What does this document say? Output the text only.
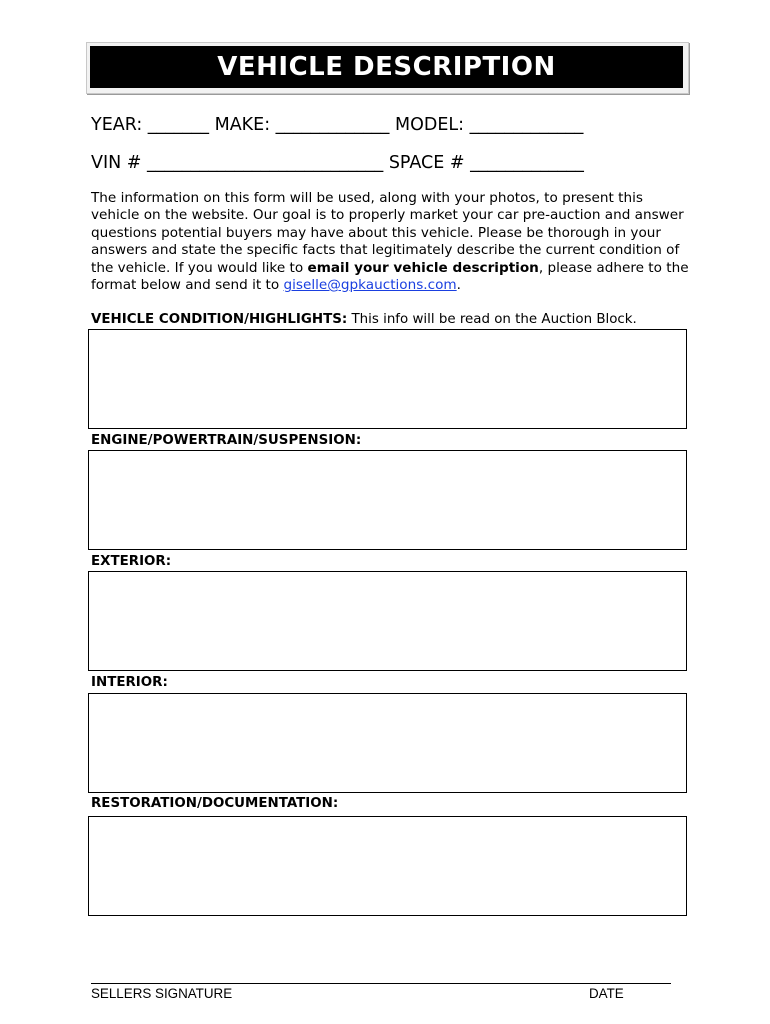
VEHICLE DESCRIPTION
YEAR: _______ MAKE: _____________ MODEL: _____________
VIN # ___________________________ SPACE # _____________
The information on this form will be used, along with your photos, to present this vehicle on the website. Our goal is to properly market your car pre-auction and answer questions potential buyers may have about this vehicle. Please be thorough in your answers and state the specific facts that legitimately describe the current condition of the vehicle. If you would like to email your vehicle description, please adhere to the format below and send it to giselle@gpkauctions.com.
VEHICLE CONDITION/HIGHLIGHTS: This info will be read on the Auction Block.
ENGINE/POWERTRAIN/SUSPENSION:
EXTERIOR:
INTERIOR:
RESTORATION/DOCUMENTATION:
SELLERS SIGNATURE	DATE
